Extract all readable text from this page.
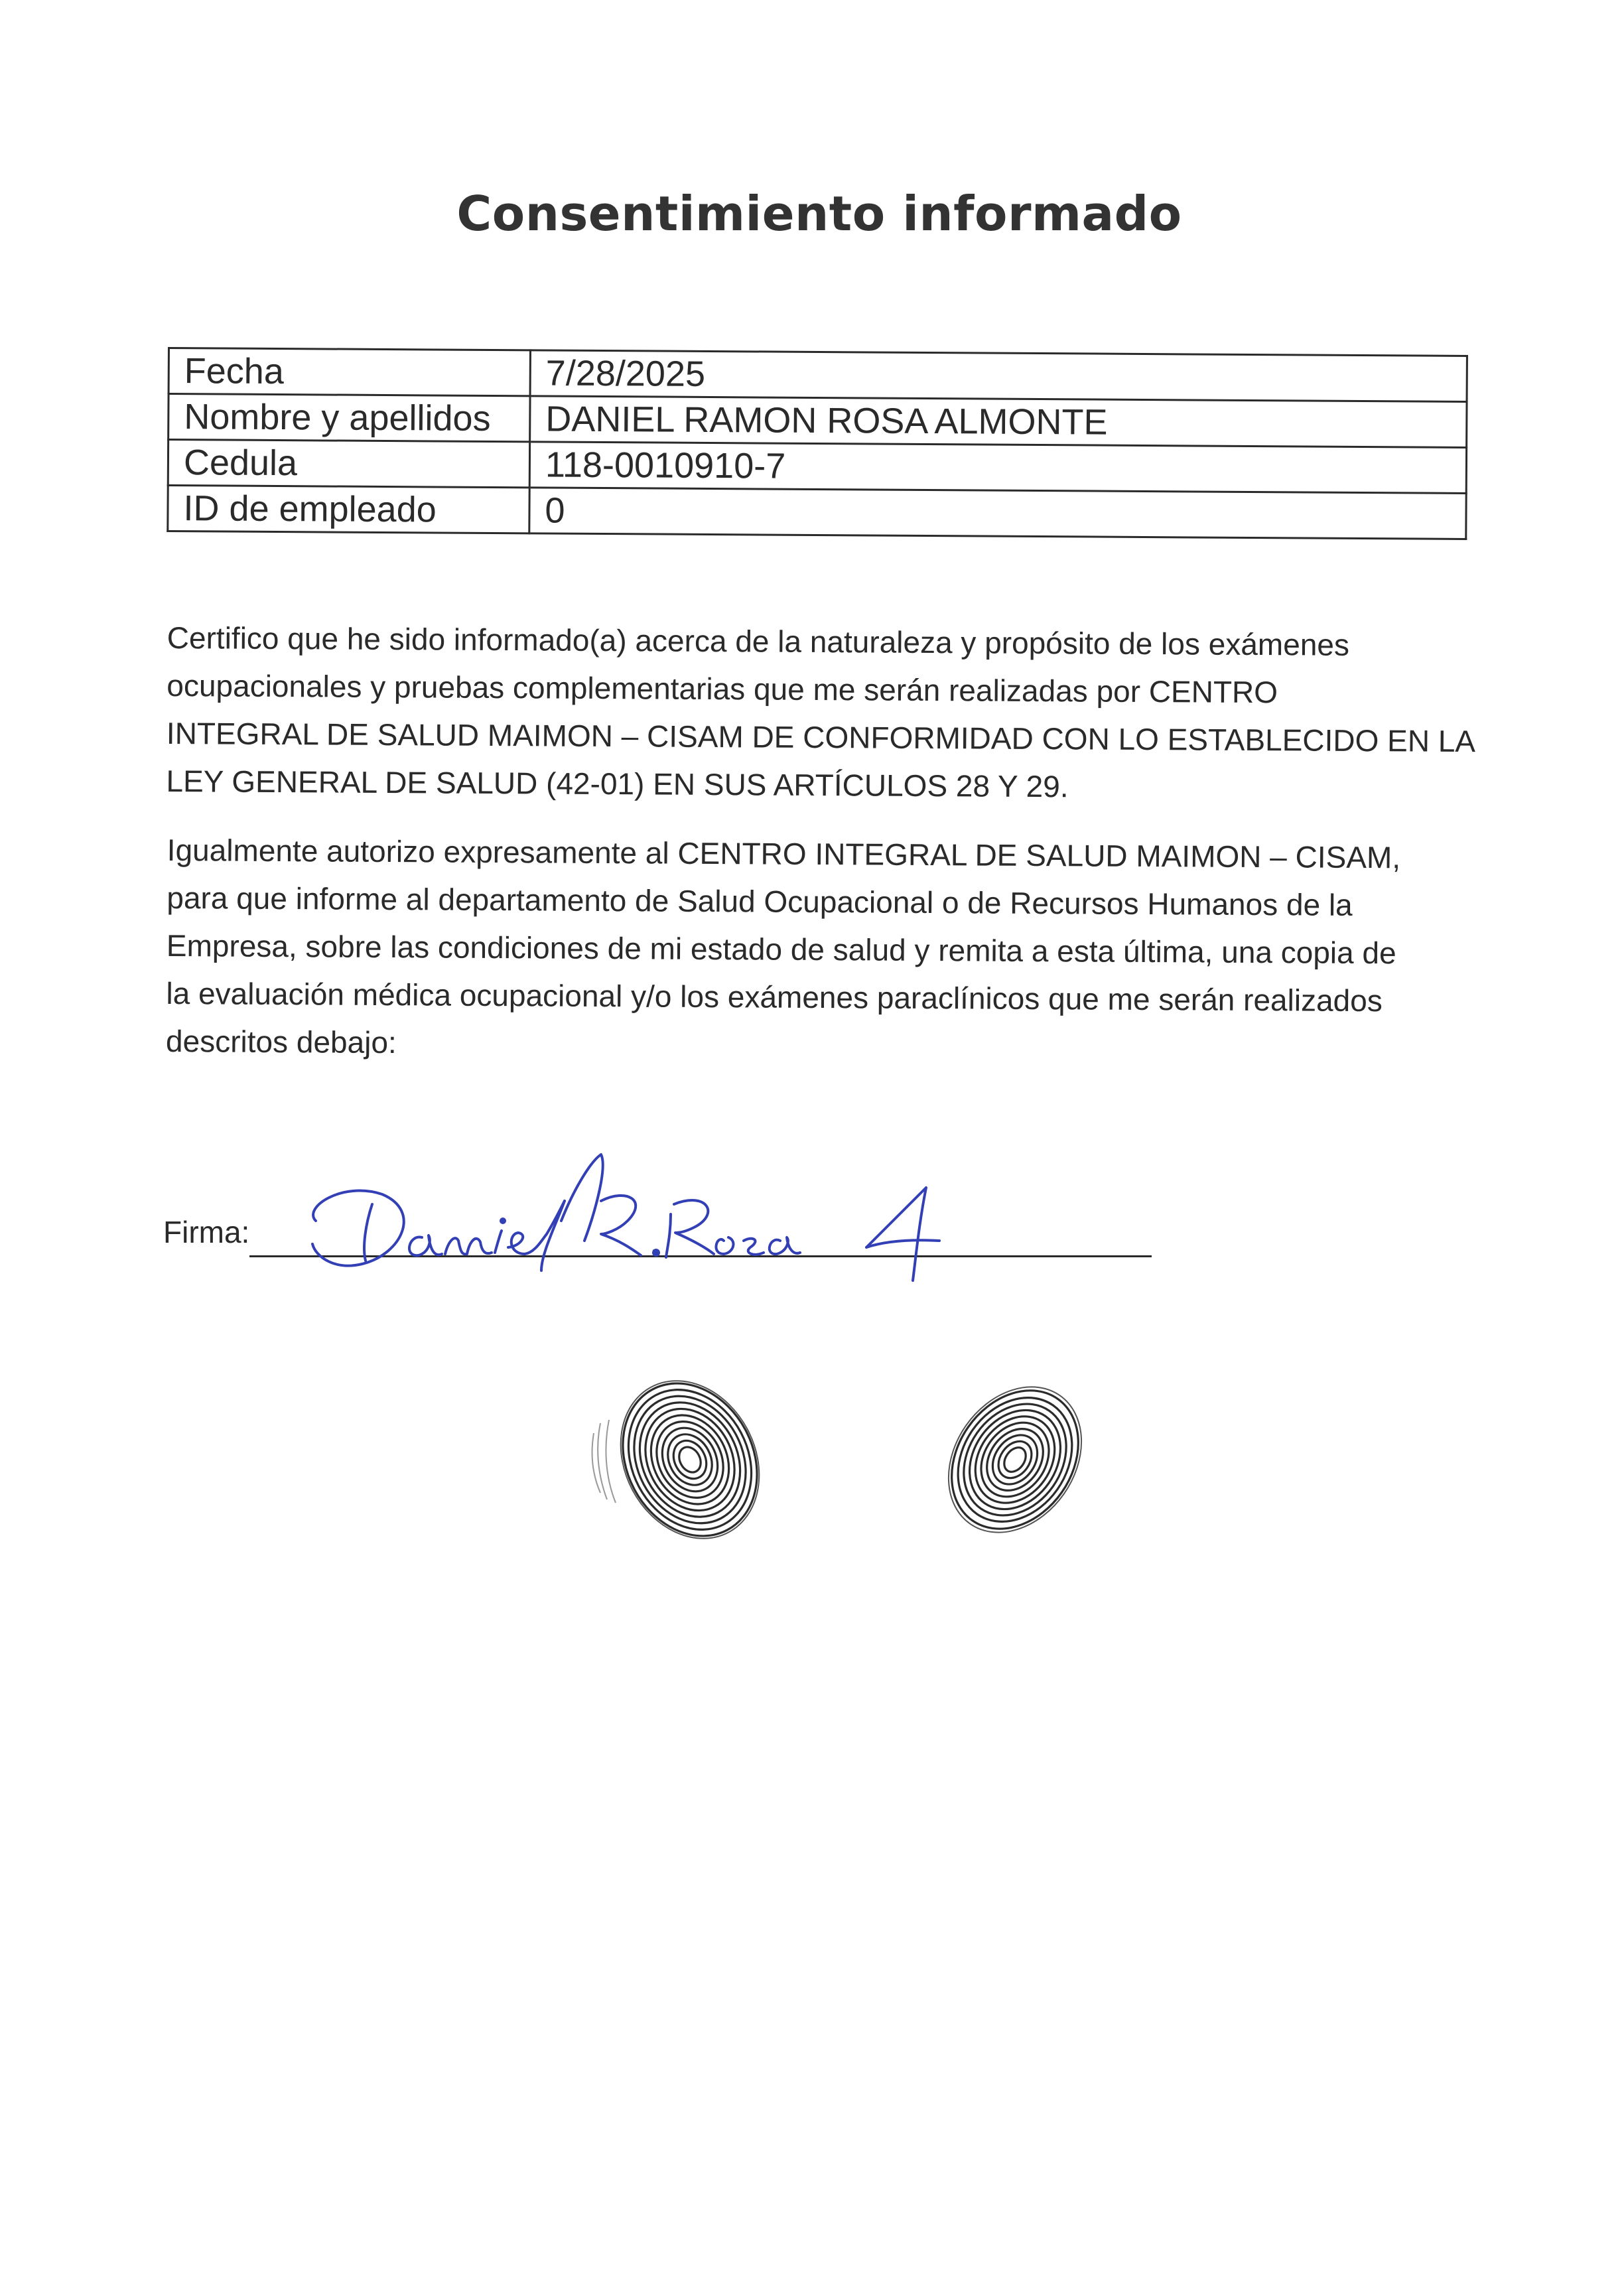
Consentimiento informado
Fecha	7/28/2025
Nombre y apellidos	DANIEL RAMON ROSA ALMONTE
Cedula	118-0010910-7
ID de empleado	0

Certifico que he sido informado(a) acerca de la naturaleza y propósito de los exámenes

ocupacionales y pruebas complementarias que me serán realizadas por CENTRO

INTEGRAL DE SALUD MAIMON – CISAM DE CONFORMIDAD CON LO ESTABLECIDO EN LA

LEY GENERAL DE SALUD (42-01) EN SUS ARTÍCULOS 28 Y 29.

Igualmente autorizo expresamente al CENTRO INTEGRAL DE SALUD MAIMON – CISAM,

para que informe al departamento de Salud Ocupacional o de Recursos Humanos de la

Empresa, sobre las condiciones de mi estado de salud y remita a esta última, una copia de

la evaluación médica ocupacional y/o los exámenes paraclínicos que me serán realizados

descritos debajo:

Firma:
